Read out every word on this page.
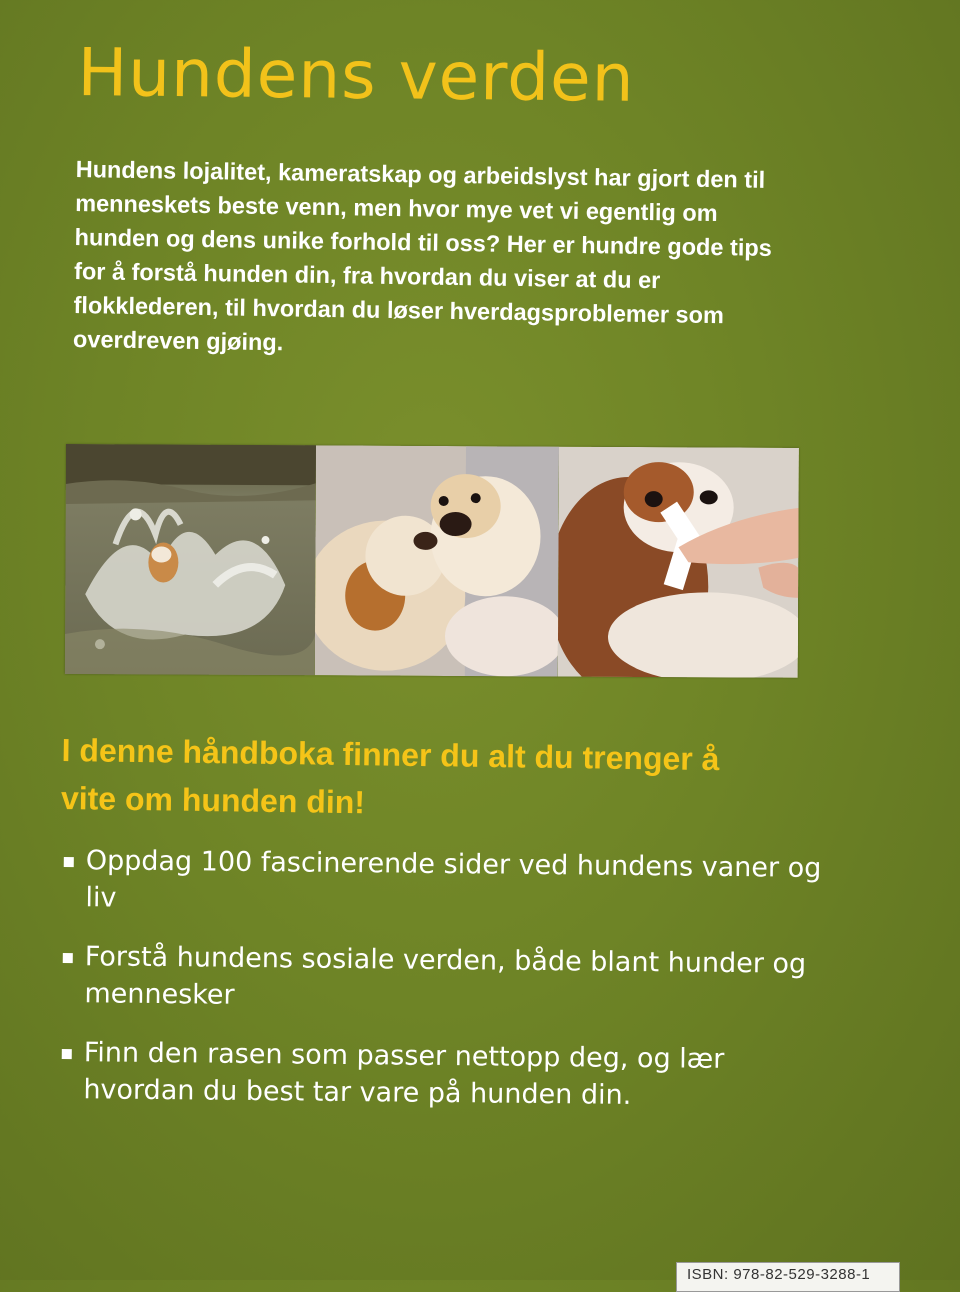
Hundens verden

Hundens lojalitet, kameratskap og arbeidslyst har gjort den til menneskets beste venn, men hvor mye vet vi egentlig om hunden og dens unike forhold til oss? Her er hundre gode tips for å forstå hunden din, fra hvordan du viser at du er flokklederen, til hvordan du løser hverdagsproblemer som overdreven gjøing.

I denne håndboka finner du alt du trenger å vite om hunden din!
Oppdag 100 fascinerende sider ved hundens vaner og liv
Forstå hundens sosiale verden, både blant hunder og mennesker
Finn den rasen som passer nettopp deg, og lær hvordan du best tar vare på hunden din.
ISBN: 978-82-529-3288-1
